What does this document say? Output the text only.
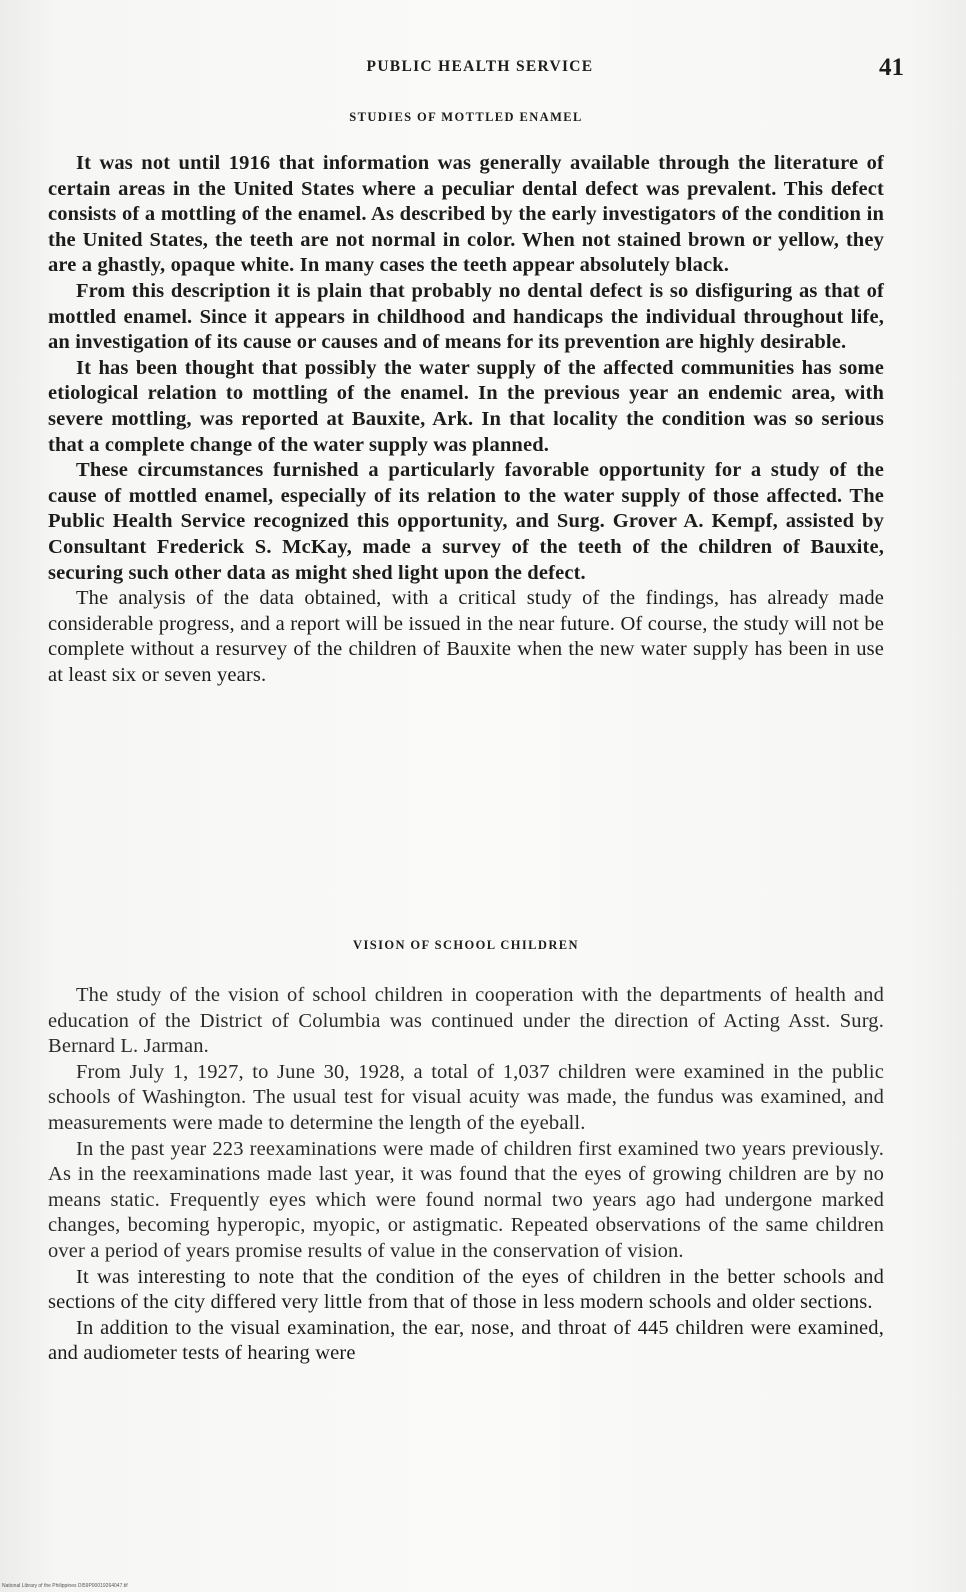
PUBLIC HEALTH SERVICE	41
STUDIES OF MOTTLED ENAMEL

It was not until 1916 that information was generally available through the literature of certain areas in the United States where a peculiar dental defect was prevalent. This defect consists of a mottling of the enamel. As described by the early investigators of the condition in the United States, the teeth are not normal in color. When not stained brown or yellow, they are a ghastly, opaque white. In many cases the teeth appear absolutely black.

From this description it is plain that probably no dental defect is so disfiguring as that of mottled enamel. Since it appears in childhood and handicaps the individual throughout life, an investigation of its cause or causes and of means for its prevention are highly desirable.

It has been thought that possibly the water supply of the affected communities has some etiological relation to mottling of the enamel. In the previous year an endemic area, with severe mottling, was reported at Bauxite, Ark. In that locality the condition was so serious that a complete change of the water supply was planned.

These circumstances furnished a particularly favorable opportunity for a study of the cause of mottled enamel, especially of its relation to the water supply of those affected. The Public Health Service recognized this opportunity, and Surg. Grover A. Kempf, assisted by Consultant Frederick S. McKay, made a survey of the teeth of the children of Bauxite, securing such other data as might shed light upon the defect.

The analysis of the data obtained, with a critical study of the findings, has already made considerable progress, and a report will be issued in the near future. Of course, the study will not be complete without a resurvey of the children of Bauxite when the new water supply has been in use at least six or seven years.

VISION OF SCHOOL CHILDREN

The study of the vision of school children in cooperation with the departments of health and education of the District of Columbia was continued under the direction of Acting Asst. Surg. Bernard L. Jarman.

From July 1, 1927, to June 30, 1928, a total of 1,037 children were examined in the public schools of Washington. The usual test for visual acuity was made, the fundus was examined, and measurements were made to determine the length of the eyeball.

In the past year 223 reexaminations were made of children first examined two years previously. As in the reexaminations made last year, it was found that the eyes of growing children are by no means static. Frequently eyes which were found normal two years ago had undergone marked changes, becoming hyperopic, myopic, or astigmatic. Repeated observations of the same children over a period of years promise results of value in the conservation of vision.

It was interesting to note that the condition of the eyes of children in the better schools and sections of the city differed very little from that of those in less modern schools and older sections.

In addition to the visual examination, the ear, nose, and throat of 445 children were examined, and audiometer tests of hearing were

National Library of the Philippines DI59P00019264047.tif
